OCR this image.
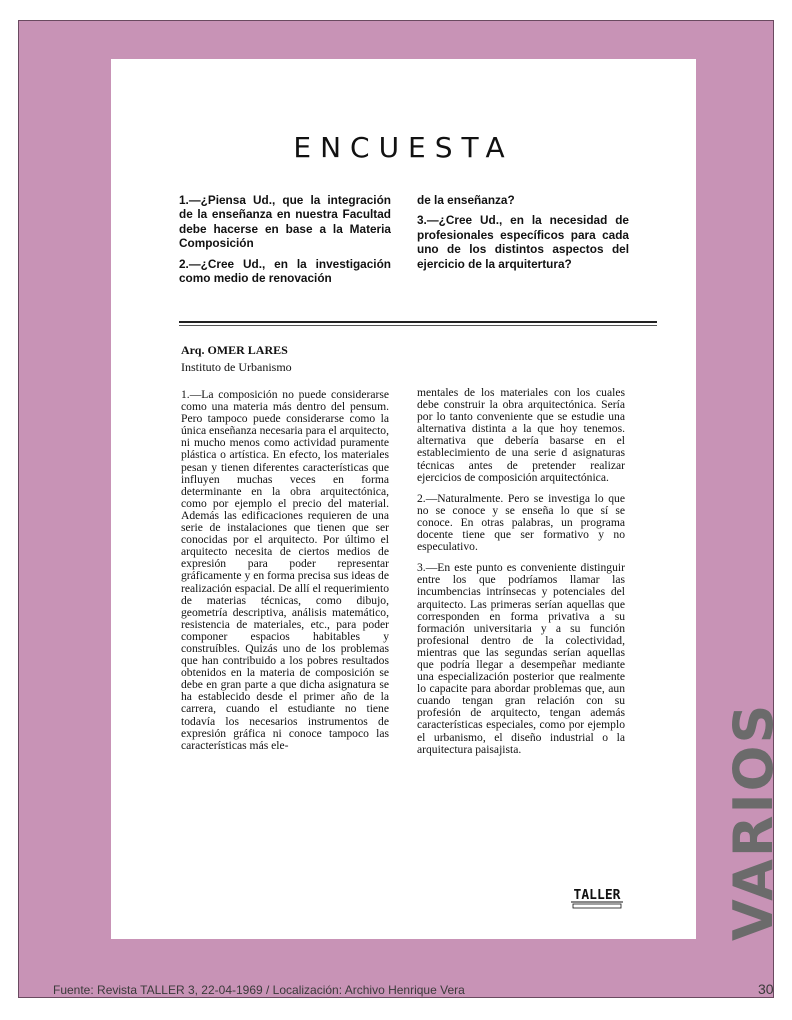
ENCUESTA

1.—¿Piensa Ud., que la integración de la enseñanza en nuestra Facultad debe hacerse en base a la Materia Composición

2.—¿Cree Ud., en la investigación como medio de renovación

de la enseñanza?

3.—¿Cree Ud., en la necesidad de profesionales específicos para cada uno de los distintos aspectos del ejercicio de la arquitertura?

Arq. OMER LARES
Instituto de Urbanismo

1.—La composición no puede considerarse como una materia más dentro del pensum. Pero tampoco puede considerarse como la única enseñanza necesaria para el arquitecto, ni mucho menos como actividad puramente plástica o artística. En efecto, los materiales pesan y tienen diferentes características que influyen muchas veces en forma determinante en la obra arquitectónica, como por ejemplo el precio del material. Además las edificaciones requieren de una serie de instalaciones que tienen que ser conocidas por el arquitecto. Por último el arquitecto necesita de ciertos medios de expresión para poder representar gráficamente y en forma precisa sus ideas de realización espacial. De allí el requerimiento de materias técnicas, como dibujo, geometría descriptiva, análisis matemático, resistencia de materiales, etc., para poder componer espacios habitables y construíbles. Quizás uno de los problemas que han contribuido a los pobres resultados obtenidos en la materia de composición se debe en gran parte a que dicha asignatura se ha establecido desde el primer año de la carrera, cuando el estudiante no tiene todavía los necesarios instrumentos de expresión gráfica ni conoce tampoco las características más ele-

mentales de los materiales con los cuales debe construir la obra arquitectónica. Sería por lo tanto conveniente que se estudie una alternativa distinta a la que hoy tenemos. alternativa que debería basarse en el establecimiento de una serie d asignaturas técnicas antes de pretender realizar ejercicios de composición arquitectónica.

2.—Naturalmente. Pero se investiga lo que no se conoce y se enseña lo que sí se conoce. En otras palabras, un programa docente tiene que ser formativo y no especulativo.

3.—En este punto es conveniente distinguir entre los que podríamos llamar las incumbencias intrínsecas y potenciales del arquitecto. Las primeras serían aquellas que corresponden en forma privativa a su formación universitaria y a su función profesional dentro de la colectividad, mientras que las segundas serían aquellas que podría llegar a desempeñar mediante una especialización posterior que realmente lo capacite para abordar problemas que, aun cuando tengan gran relación con su profesión de arquitecto, tengan además características especiales, como por ejemplo el urbanismo, el diseño industrial o la arquitectura paisajista.

TALLER VARIOS
Fuente: Revista TALLER 3, 22-04-1969 / Localización: Archivo Henrique Vera	30
